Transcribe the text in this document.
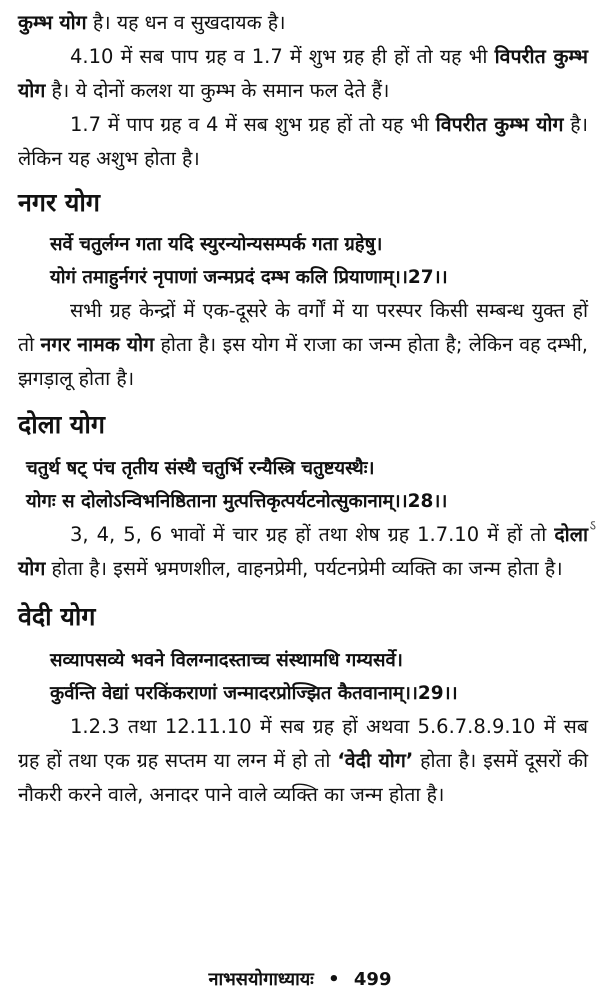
कुम्भ योग है। यह धन व सुखदायक है।

4.10 में सब पाप ग्रह व 1.7 में शुभ ग्रह ही हों तो यह भी विपरीत कुम्भ योग है। ये दोनों कलश या कुम्भ के समान फल देते हैं।

1.7 में पाप ग्रह व 4 में सब शुभ ग्रह हों तो यह भी विपरीत कुम्भ योग है। लेकिन यह अशुभ होता है।

नगर योग
सर्वे चतुर्लग्न गता यदि स्युरन्योन्यसम्पर्क गता ग्रहेषु।
योगं तमाहुर्नगरं नृपाणां जन्मप्रदं दम्भ कलि प्रियाणाम्।।27।।

सभी ग्रह केन्द्रों में एक-दूसरे के वर्गों में या परस्पर किसी सम्बन्ध युक्त हों तो नगर नामक योग होता है। इस योग में राजा का जन्म होता है; लेकिन वह दम्भी, झगड़ालू होता है।

दोला योग
चतुर्थ षट् पंच तृतीय संस्थै चतुर्भि रन्यैस्त्रि चतुष्टयस्थैः।
योगः स दोलोऽन्विभनिष्ठिताना मुत्पत्तिकृत्पर्यटनोत्सुकानाम्।।28।।

3, 4, 5, 6 भावों में चार ग्रह हों तथा शेष ग्रह 1.7.10 में हों तो दोला योग होता है। इसमें भ्रमणशील, वाहनप्रेमी, पर्यटनप्रेमी व्यक्ति का जन्म होता है।

वेदी योग
सव्यापसव्ये भवने विलग्नादस्ताच्च संस्थामधि गम्यसर्वे।
कुर्वन्ति वेद्यां परकिंकराणां जन्मादरप्रोज्झित कैतवानाम्।।29।।

1.2.3 तथा 12.11.10 में सब ग्रह हों अथवा 5.6.7.8.9.10 में सब ग्रह हों तथा एक ग्रह सप्तम या लग्न में हो तो ‘वेदी योग’ होता है। इसमें दूसरों की नौकरी करने वाले, अनादर पाने वाले व्यक्ति का जन्म होता है।

ऽ
नाभसयोगाध्यायः • 499
